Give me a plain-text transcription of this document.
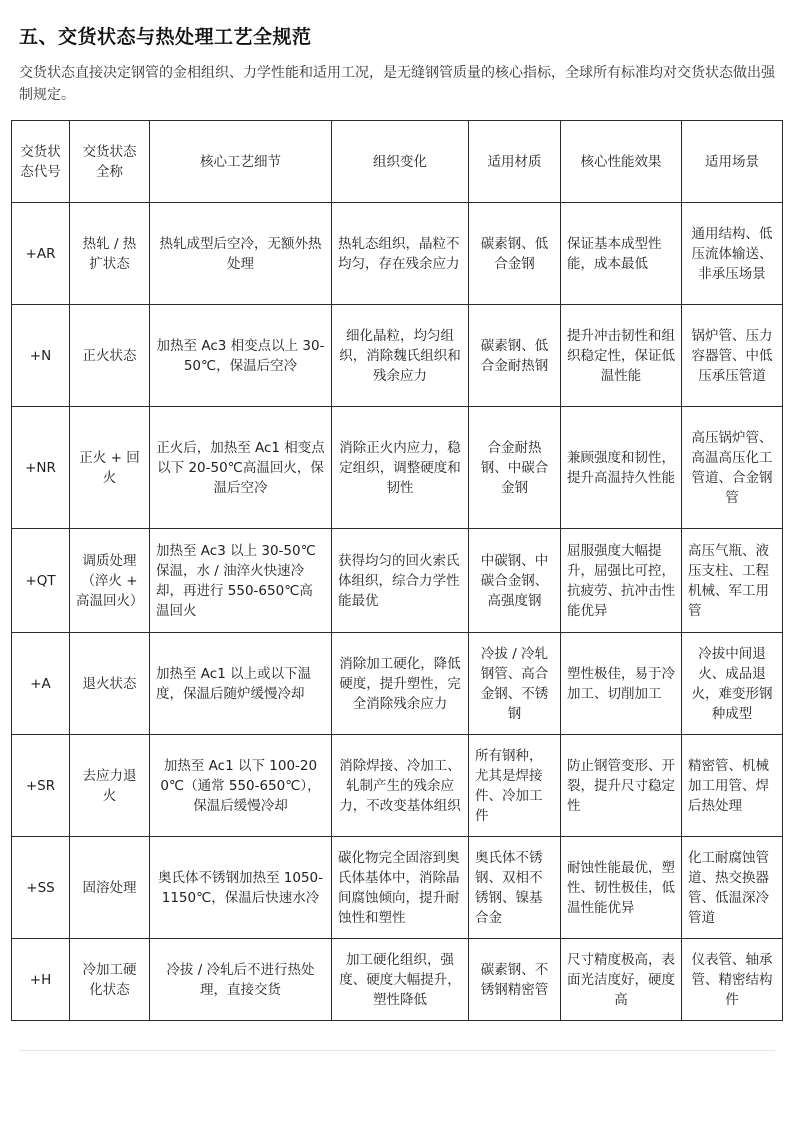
五、交货状态与热处理工艺全规范

交货状态直接决定钢管的金相组织、力学性能和适用工况，是无缝钢管质量的核心指标，全球所有标准均对交货状态做出强制规定。

交货状态代号	交货状态全称	核心工艺细节	组织变化	适用材质	核心性能效果	适用场景
+AR	热轧 / 热扩状态	热轧成型后空冷，无额外热处理	热轧态组织，晶粒不均匀，存在残余应力	碳素钢、低合金钢	保证基本成型性能，成本最低	通用结构、低压流体输送、非承压场景
+N	正火状态	加热至 Ac3 相变点以上 30-50℃，保温后空冷	细化晶粒，均匀组织，消除魏氏组织和残余应力	碳素钢、低合金耐热钢	提升冲击韧性和组织稳定性，保证低温性能	锅炉管、压力容器管、中低压承压管道
+NR	正火 + 回火	正火后，加热至 Ac1 相变点以下 20-50℃高温回火，保温后空冷	消除正火内应力，稳定组织，调整硬度和韧性	合金耐热钢、中碳合金钢	兼顾强度和韧性，提升高温持久性能	高压锅炉管、高温高压化工管道、合金钢管
+QT	调质处理（淬火 + 高温回火）	加热至 Ac3 以上 30-50℃保温，水 / 油淬火快速冷却，再进行 550-650℃高温回火	获得均匀的回火索氏体组织，综合力学性能最优	中碳钢、中碳合金钢、高强度钢	屈服强度大幅提升，屈强比可控，抗疲劳、抗冲击性能优异	高压气瓶、液压支柱、工程机械、军工用管
+A	退火状态	加热至 Ac1 以上或以下温度，保温后随炉缓慢冷却	消除加工硬化，降低硬度，提升塑性，完全消除残余应力	冷拔 / 冷轧钢管、高合金钢、不锈钢	塑性极佳，易于冷加工、切削加工	冷拔中间退火、成品退火，难变形钢种成型
+SR	去应力退火	加热至 Ac1 以下 100-200℃（通常 550-650℃），保温后缓慢冷却	消除焊接、冷加工、轧制产生的残余应力，不改变基体组织	所有钢种，尤其是焊接件、冷加工件	防止钢管变形、开裂，提升尺寸稳定性	精密管、机械加工用管、焊后热处理
+SS	固溶处理	奥氏体不锈钢加热至 1050-1150℃，保温后快速水冷	碳化物完全固溶到奥氏体基体中，消除晶间腐蚀倾向，提升耐蚀性和塑性	奥氏体不锈钢、双相不锈钢、镍基合金	耐蚀性能最优，塑性、韧性极佳，低温性能优异	化工耐腐蚀管道、热交换器管、低温深冷管道
+H	冷加工硬化状态	冷拔 / 冷轧后不进行热处理，直接交货	加工硬化组织，强度、硬度大幅提升，塑性降低	碳素钢、不锈钢精密管	尺寸精度极高，表面光洁度好，硬度高	仪表管、轴承管、精密结构件
